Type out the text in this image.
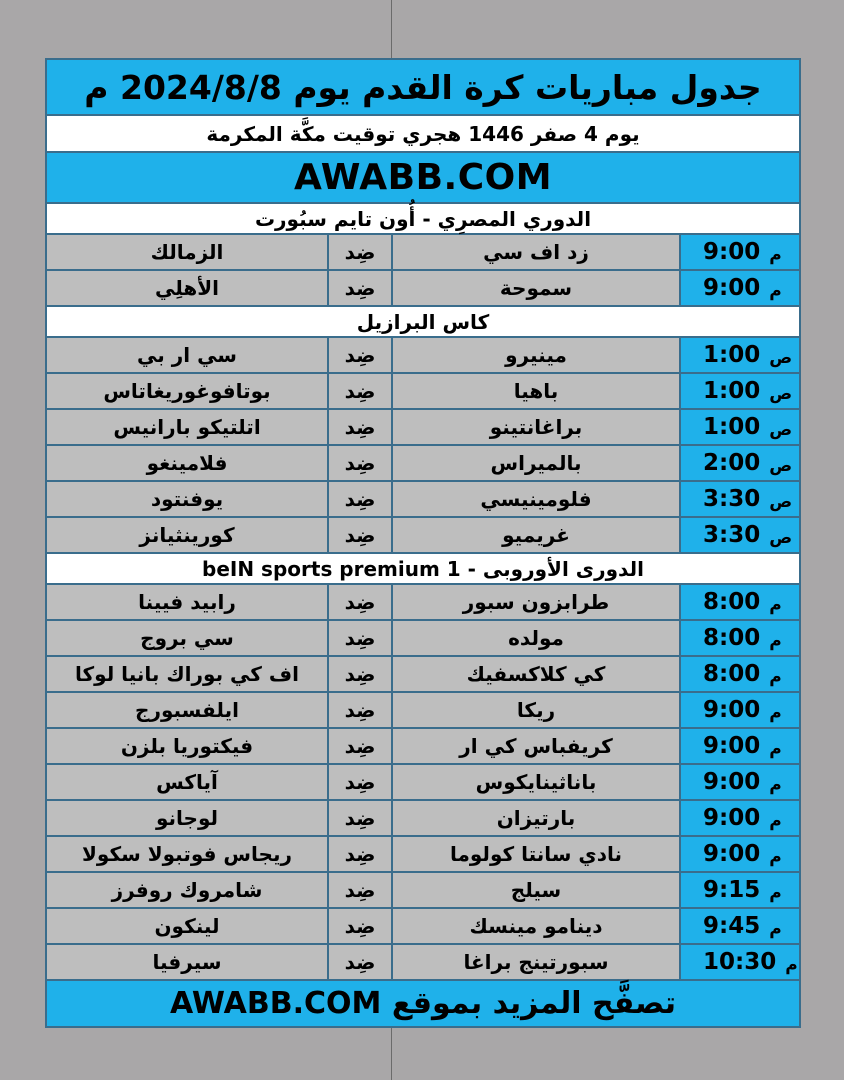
جدول مباريات كرة القدم يوم 2024/8/8 م
يوم 4 صفر 1446 هجري توقيت مكَّة المكرمة
AWABB.COM
الدوري المصرِي - أُون تايم سبُورت
الزمالك	ضِد	زد اف سي	9:00 م
الأهلِي	ضِد	سموحة	9:00 م
كاس البرازيل
سي ار بي	ضِد	مينيرو	1:00 ص
بوتافوغوريغاتاس	ضِد	باهيا	1:00 ص
اتلتيكو بارانيس	ضِد	براغانتينو	1:00 ص
فلامينغو	ضِد	بالميراس	2:00 ص
يوفنتود	ضِد	فلومينيسي	3:30 ص
كورينثيانز	ضِد	غريميو	3:30 ص
الدورى الأوروبى - beIN sports premium 1
رابيد فيينا	ضِد	طرابزون سبور	8:00 م
سي بروج	ضِد	مولده	8:00 م
اف كي بوراك بانيا لوكا	ضِد	كي كلاكسفيك	8:00 م
ايلفسبورج	ضِد	ريكا	9:00 م
فيكتوريا بلزن	ضِد	كريفباس كي ار	9:00 م
آياكس	ضِد	باناثينايكوس	9:00 م
لوجانو	ضِد	بارتيزان	9:00 م
ريجاس فوتبولا سكولا	ضِد	نادي سانتا كولوما	9:00 م
شامروك روفرز	ضِد	سيلج	9:15 م
لينكون	ضِد	دينامو مينسك	9:45 م
سيرفيا	ضِد	سبورتينج براغا	10:30 م
تصفَّح المزيد بموقع AWABB.COM
